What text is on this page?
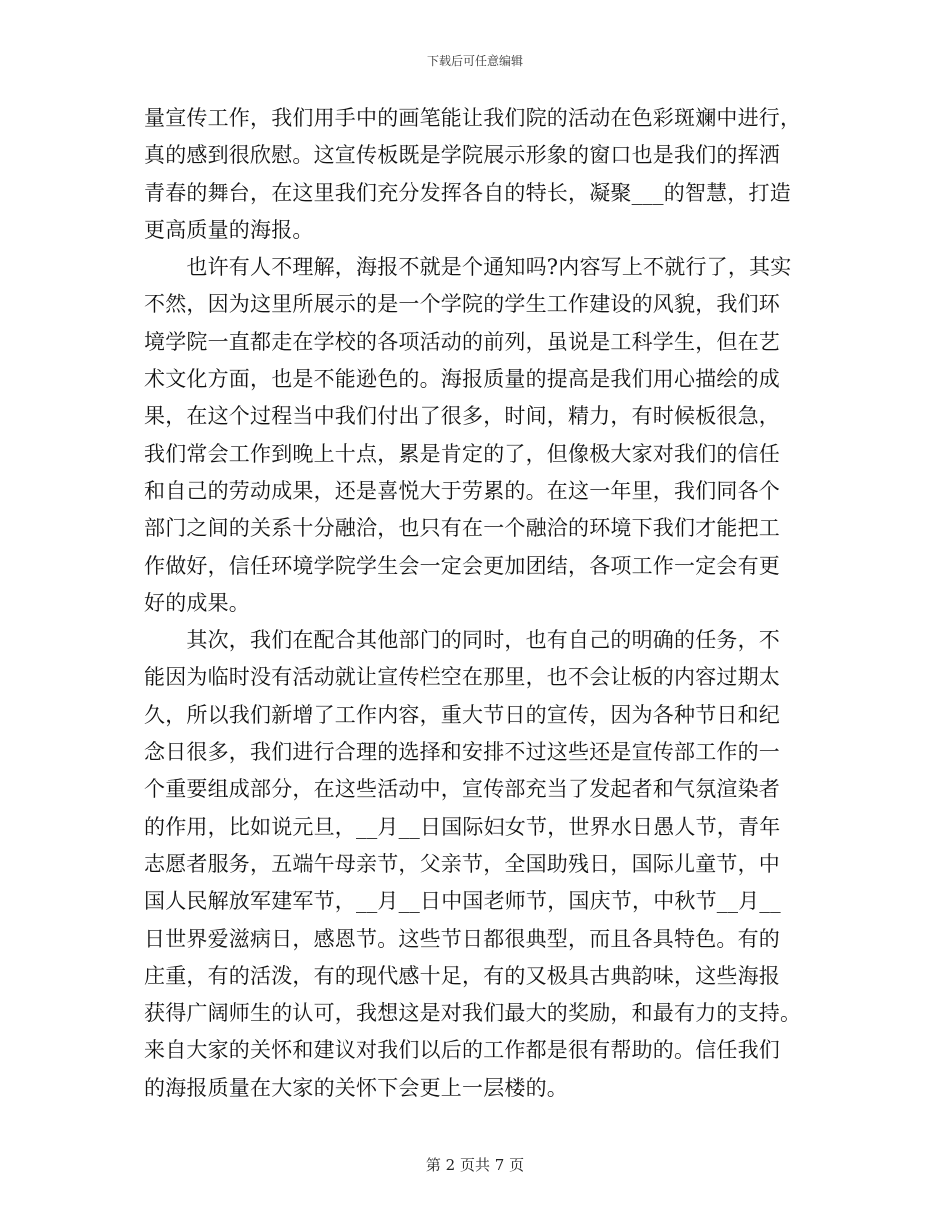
下载后可任意编辑
量宣传工作，我们用手中的画笔能让我们院的活动在色彩斑斓中进行，
真的感到很欣慰。这宣传板既是学院展示形象的窗口也是我们的挥洒
青春的舞台，在这里我们充分发挥各自的特长，凝聚___的智慧，打造
更高质量的海报。
　　也许有人不理解，海报不就是个通知吗?内容写上不就行了，其实
不然，因为这里所展示的是一个学院的学生工作建设的风貌，我们环
境学院一直都走在学校的各项活动的前列，虽说是工科学生，但在艺
术文化方面，也是不能逊色的。海报质量的提高是我们用心描绘的成
果，在这个过程当中我们付出了很多，时间，精力，有时候板很急，
我们常会工作到晚上十点，累是肯定的了，但像极大家对我们的信任
和自己的劳动成果，还是喜悦大于劳累的。在这一年里，我们同各个
部门之间的关系十分融洽，也只有在一个融洽的环境下我们才能把工
作做好，信任环境学院学生会一定会更加团结，各项工作一定会有更
好的成果。
　　其次，我们在配合其他部门的同时，也有自己的明确的任务，不
能因为临时没有活动就让宣传栏空在那里，也不会让板的内容过期太
久，所以我们新增了工作内容，重大节日的宣传，因为各种节日和纪
念日很多，我们进行合理的选择和安排不过这些还是宣传部工作的一
个重要组成部分，在这些活动中，宣传部充当了发起者和气氛渲染者
的作用，比如说元旦，__月__日国际妇女节，世界水日愚人节，青年
志愿者服务，五端午母亲节，父亲节，全国助残日，国际儿童节，中
国人民解放军建军节，__月__日中国老师节，国庆节，中秋节__月__
日世界爱滋病日，感恩节。这些节日都很典型，而且各具特色。有的
庄重，有的活泼，有的现代感十足，有的又极具古典韵味，这些海报
获得广阔师生的认可，我想这是对我们最大的奖励，和最有力的支持。
来自大家的关怀和建议对我们以后的工作都是很有帮助的。信任我们
的海报质量在大家的关怀下会更上一层楼的。
第 2 页共 7 页
